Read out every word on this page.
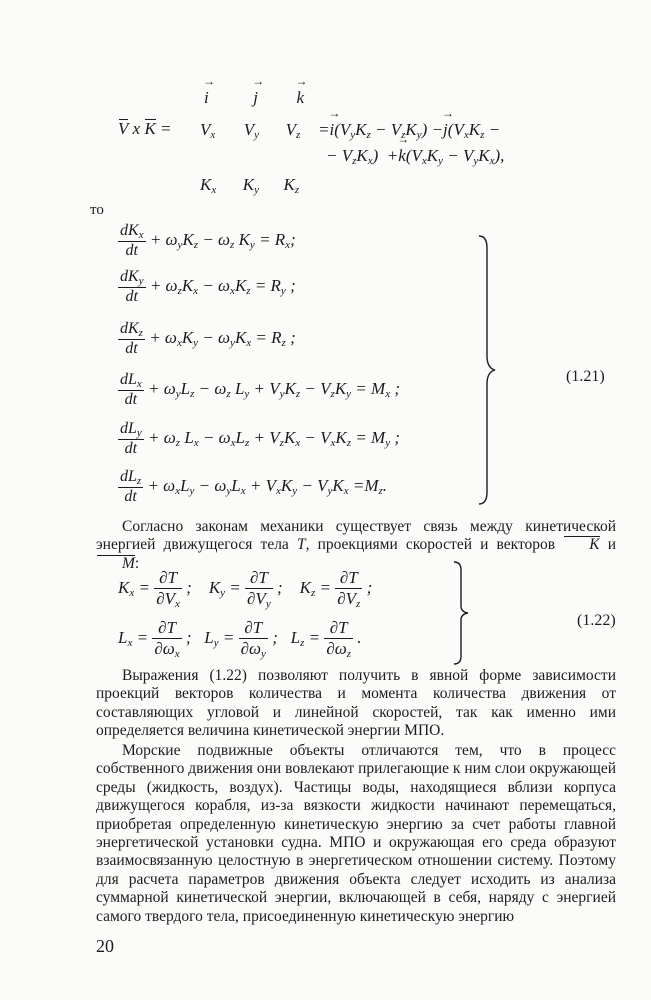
V x K =
→ i	→ j → k
$V_x$  $V_y$  $V_z$
$K_x$  $K_y$  $K_z$
=→ $i(V_yK_z - V_zK_y) -\to j(V_xK_z$ −
− $V_zK_x) +\to k(V_xK_y - V_yK_x)$,
то
$\frac{dK_x}{dt} + \omega_yK_z - \omega_z$ $K_y = R_x$;
$\frac{dK_y}{dt} + \omega_zK_x - \omega_xK_z = R_y$ ;
$\frac{dK_z}{dt} + \omega_xK_y - \omega_yK_x = R_z$ ;
$\frac{dL_x}{dt} + \omega_yL_z - \omega_z$ $L_y + V_yK_z - V_zK_y = M_x$ ;
$\frac{dL_y}{dt} + \omega_z$ $L_x - \omega_xL_z + V_zK_x - V_xK_z = M_y$ ;
$\frac{dL_z}{dt} + \omega_xL_y - \omega_yL_x + V_xK_y - V_yK_x =M_z$.
(1.21)

Согласно законам механики существует связь между кинетической энергией движущегося тела T, проекциями скоростей и векторов K и M:

$K_x = \frac{\partial T}{\partial V_x}$ ;    $K_y = \frac{\partial T}{\partial V_y}$ ;    $K_z = \frac{\partial T}{\partial V_z}$ ;
$L_x = \frac{\partial T}{\partial\omega_x}$ ;   $L_y = \frac{\partial T}{\partial\omega_y}$ ;   $L_z = \frac{\partial T}{\partial\omega_z}$ .
(1.22)

Выражения (1.22) позволяют получить в явной форме зависимости проекций векторов количества и момента количества движения от составляющих угловой и линейной скоростей, так как именно ими определяется величина кинетической энергии МПО.

Морские подвижные объекты отличаются тем, что в процесс собственного движения они вовлекают прилегающие к ним слои окружающей среды (жидкость, воздух). Частицы воды, находящиеся вблизи корпуса движущегося корабля, из-за вязкости жидкости начинают перемещаться, приобретая определенную кинетическую энергию за счет работы главной энергетической установки судна. МПО и окружающая его среда образуют взаимосвязанную целостную в энергетическом отношении систему. Поэтому для расчета параметров движения объекта следует исходить из анализа суммарной кинетической энергии, включающей в себя, наряду с энергией самого твердого тела, присоединенную кинетическую энергию

20
